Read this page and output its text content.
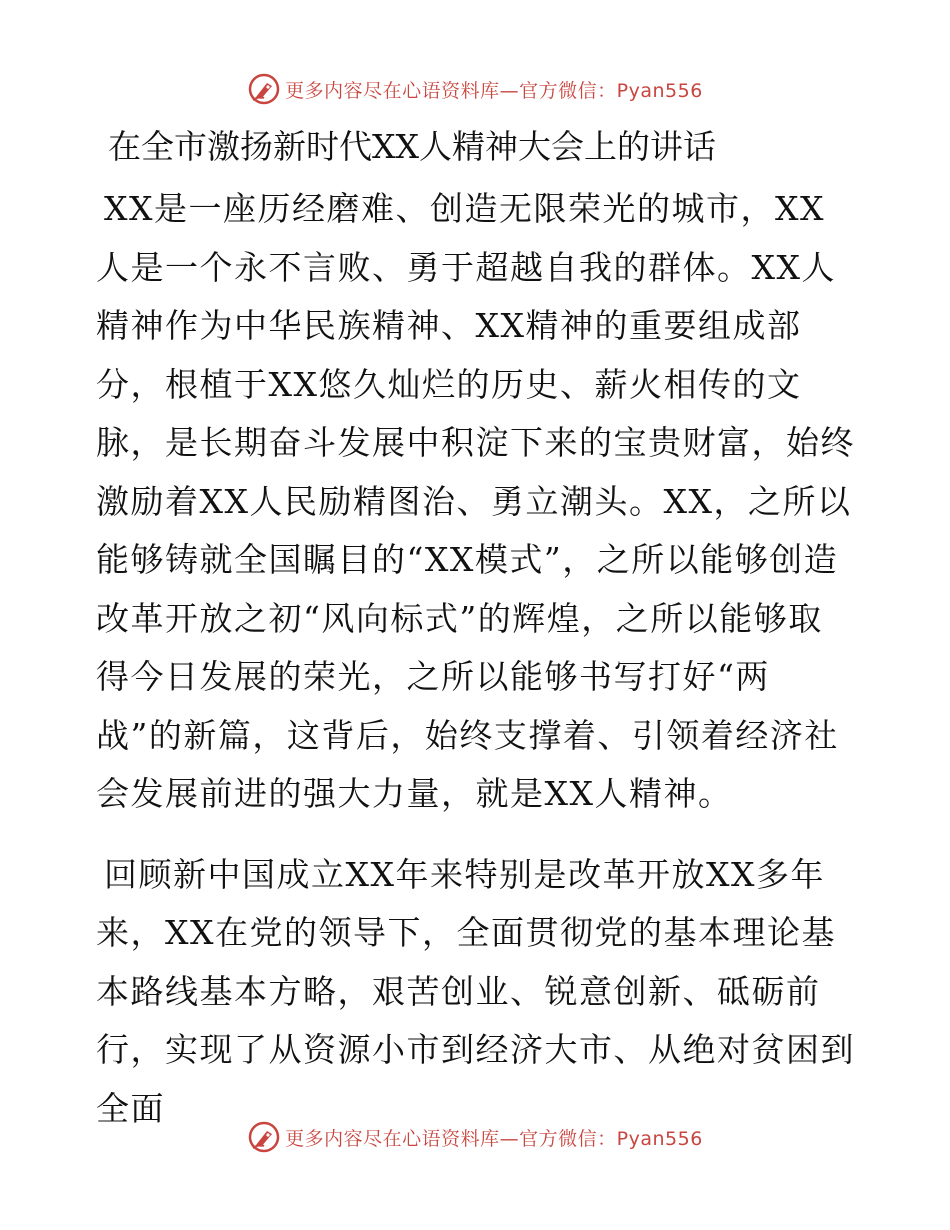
更多内容尽在心语资料库—官方微信：Pyan556
在全市激扬新时代XX人精神大会上的讲话

XX是一座历经磨难、创造无限荣光的城市，XX人是一个永不言败、勇于超越自我的群体。XX人精神作为中华民族精神、XX精神的重要组成部分，根植于XX悠久灿烂的历史、薪火相传的文脉，是长期奋斗发展中积淀下来的宝贵财富，始终激励着XX人民励精图治、勇立潮头。XX，之所以能够铸就全国瞩目的“XX模式”，之所以能够创造改革开放之初“风向标式”的辉煌，之所以能够取得今日发展的荣光，之所以能够书写打好“两战”的新篇，这背后，始终支撑着、引领着经济社会发展前进的强大力量，就是XX人精神。

回顾新中国成立XX年来特别是改革开放XX多年来，XX在党的领导下，全面贯彻党的基本理论基本路线基本方略，艰苦创业、锐意创新、砥砺前行，实现了从资源小市到经济大市、从绝对贫困到全面

更多内容尽在心语资料库—官方微信：Pyan556
